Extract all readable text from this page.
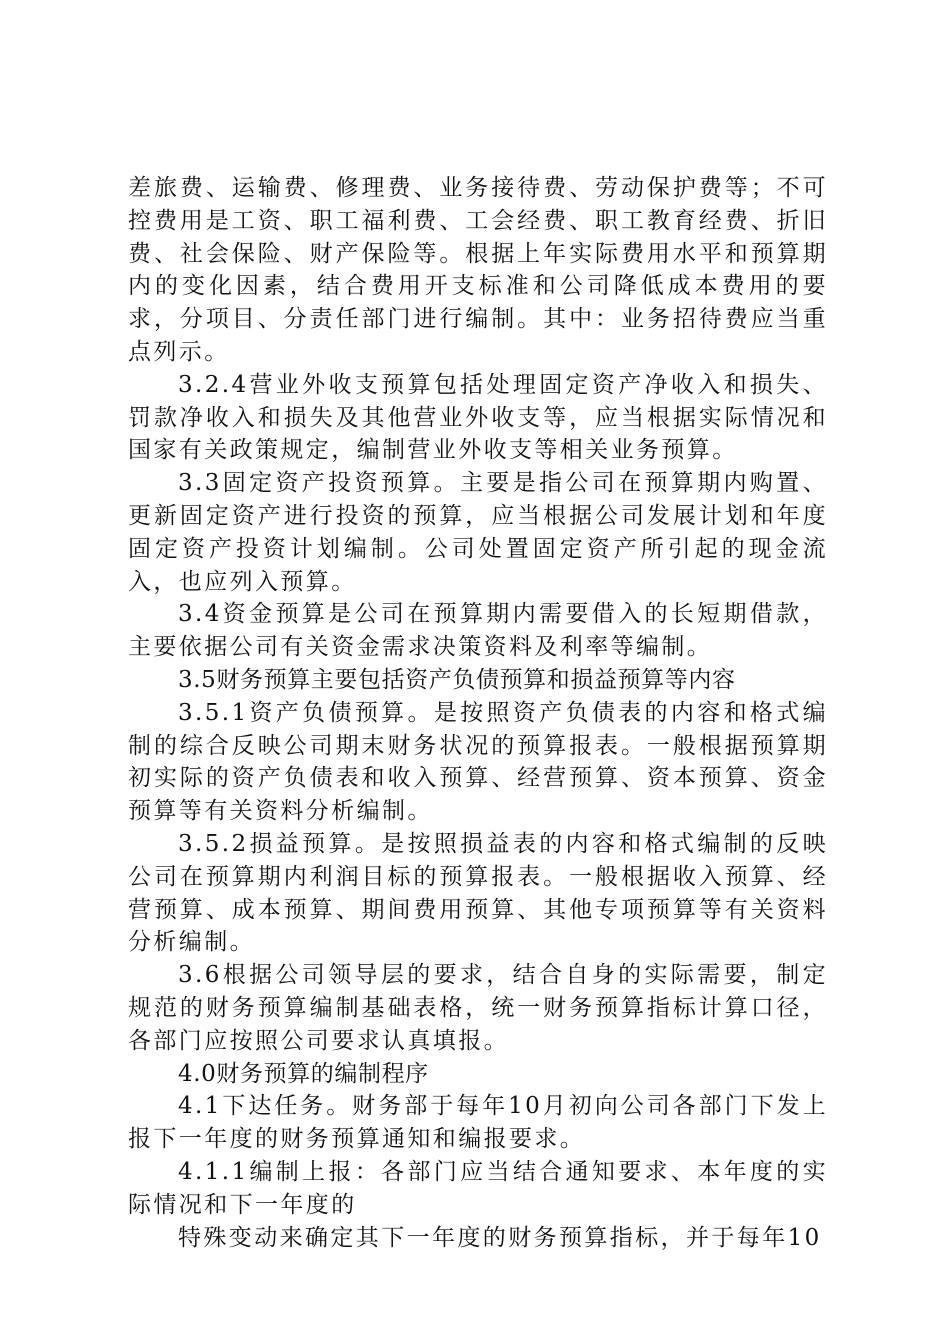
差旅费、运输费、修理费、业务接待费、劳动保护费等；不可控费用是工资、职工福利费、工会经费、职工教育经费、折旧费、社会保险、财产保险等。根据上年实际费用水平和预算期内的变化因素，结合费用开支标准和公司降低成本费用的要求，分项目、分责任部门进行编制。其中：业务招待费应当重点列示。

3.2.4营业外收支预算包括处理固定资产净收入和损失、罚款净收入和损失及其他营业外收支等，应当根据实际情况和国家有关政策规定，编制营业外收支等相关业务预算。

3.3固定资产投资预算。主要是指公司在预算期内购置、更新固定资产进行投资的预算，应当根据公司发展计划和年度固定资产投资计划编制。公司处置固定资产所引起的现金流入，也应列入预算。

3.4资金预算是公司在预算期内需要借入的长短期借款，主要依据公司有关资金需求决策资料及利率等编制。

3.5财务预算主要包括资产负债预算和损益预算等内容

3.5.1资产负债预算。是按照资产负债表的内容和格式编制的综合反映公司期末财务状况的预算报表。一般根据预算期初实际的资产负债表和收入预算、经营预算、资本预算、资金预算等有关资料分析编制。

3.5.2损益预算。是按照损益表的内容和格式编制的反映公司在预算期内利润目标的预算报表。一般根据收入预算、经营预算、成本预算、期间费用预算、其他专项预算等有关资料分析编制。

3.6根据公司领导层的要求，结合自身的实际需要，制定规范的财务预算编制基础表格，统一财务预算指标计算口径，各部门应按照公司要求认真填报。

4.0财务预算的编制程序

4.1下达任务。财务部于每年10月初向公司各部门下发上报下一年度的财务预算通知和编报要求。

4.1.1编制上报：各部门应当结合通知要求、本年度的实际情况和下一年度的

特殊变动来确定其下一年度的财务预算指标，并于每年10
